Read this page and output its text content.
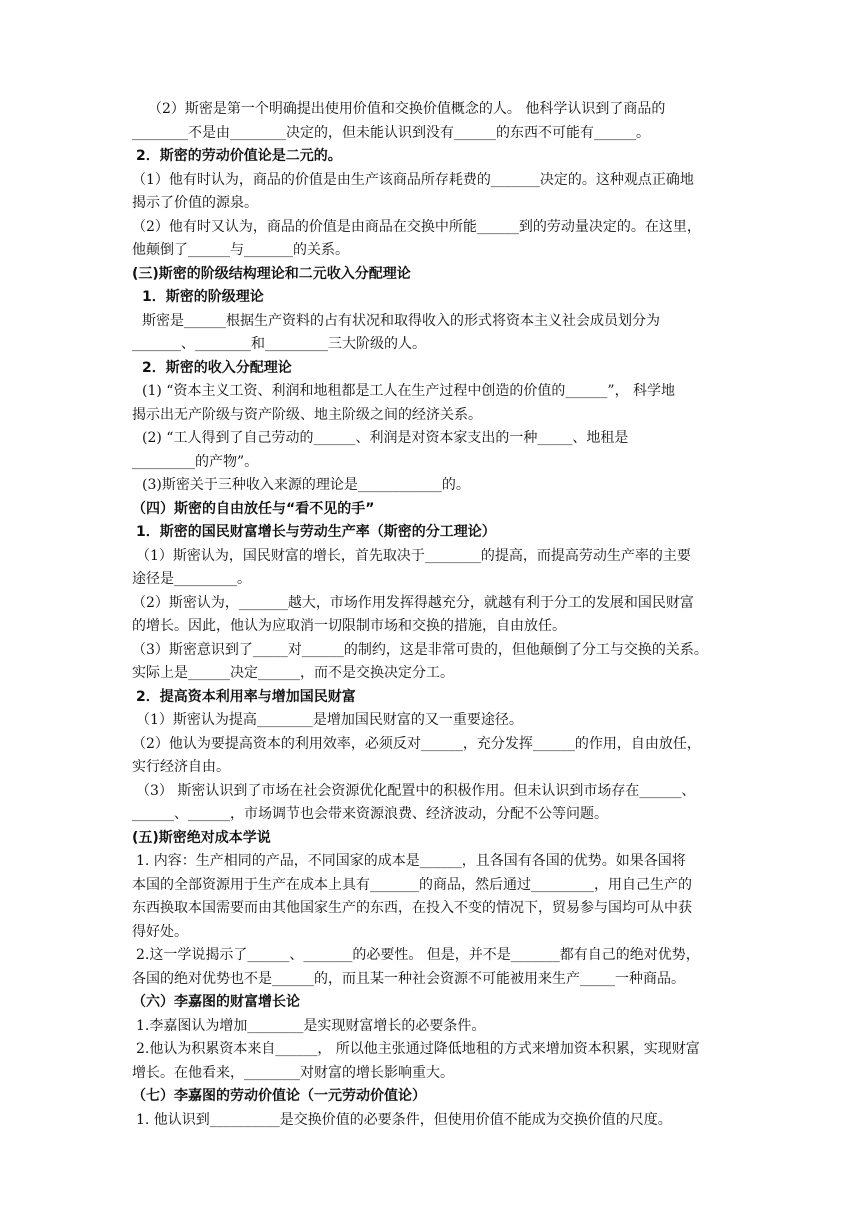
（2）斯密是第一个明确提出使用价值和交换价值概念的人。 他科学认识到了商品的

________不是由________决定的，但未能认识到没有______的东西不可能有______。

2．斯密的劳动价值论是二元的。

（1）他有时认为，商品的价值是由生产该商品所存耗费的_______决定的。这种观点正确地

揭示了价值的源泉。

（2）他有时又认为，商品的价值是由商品在交换中所能______到的劳动量决定的。在这里，

他颠倒了______与_______的关系。

(三)斯密的阶级结构理论和二元收入分配理论

1．斯密的阶级理论

斯密是______根据生产资料的占有状况和取得收入的形式将资本主义社会成员划分为

_______、________和_________三大阶级的人。

2．斯密的收入分配理论

(1) “资本主义工资、利润和地租都是工人在生产过程中创造的价值的______”， 科学地

揭示出无产阶级与资产阶级、地主阶级之间的经济关系。

(2) “工人得到了自己劳动的______、利润是对资本家支出的一种_____、地租是

_________的产物”。

(3)斯密关于三种收入来源的理论是____________的。

（四）斯密的自由放任与“看不见的手”

1．斯密的国民财富增长与劳动生产率（斯密的分工理论）

（1）斯密认为，国民财富的增长，首先取决于________的提高，而提高劳动生产率的主要

途径是_________。

（2）斯密认为，_______越大，市场作用发挥得越充分，就越有利于分工的发展和国民财富

的增长。因此，他认为应取消一切限制市场和交换的措施，自由放任。

（3）斯密意识到了_____对______的制约，这是非常可贵的，但他颠倒了分工与交换的关系。

实际上是______决定______，而不是交换决定分工。

2．提高资本利用率与增加国民财富

（1）斯密认为提高________是增加国民财富的又一重要途径。

（2）他认为要提高资本的利用效率，必须反对______，充分发挥______的作用，自由放任，

实行经济自由。

（3） 斯密认识到了市场在社会资源优化配置中的积极作用。但未认识到市场存在______、

______、______，市场调节也会带来资源浪费、经济波动，分配不公等问题。

(五)斯密绝对成本学说

1. 内容：生产相同的产品，不同国家的成本是______，且各国有各国的优势。如果各国将

本国的全部资源用于生产在成本上具有_______的商品，然后通过_________，用自己生产的

东西换取本国需要而由其他国家生产的东西，在投入不变的情况下，贸易参与国均可从中获

得好处。

2.这一学说揭示了______、_______的必要性。 但是，并不是_______都有自己的绝对优势，

各国的绝对优势也不是______的，而且某一种社会资源不可能被用来生产_____一种商品。

（六）李嘉图的财富增长论

1.李嘉图认为增加________是实现财富增长的必要条件。

2.他认为积累资本来自______， 所以他主张通过降低地租的方式来增加资本积累，实现财富

增长。在他看来，________对财富的增长影响重大。

（七）李嘉图的劳动价值论（一元劳动价值论）

1. 他认识到__________是交换价值的必要条件，但使用价值不能成为交换价值的尺度。
